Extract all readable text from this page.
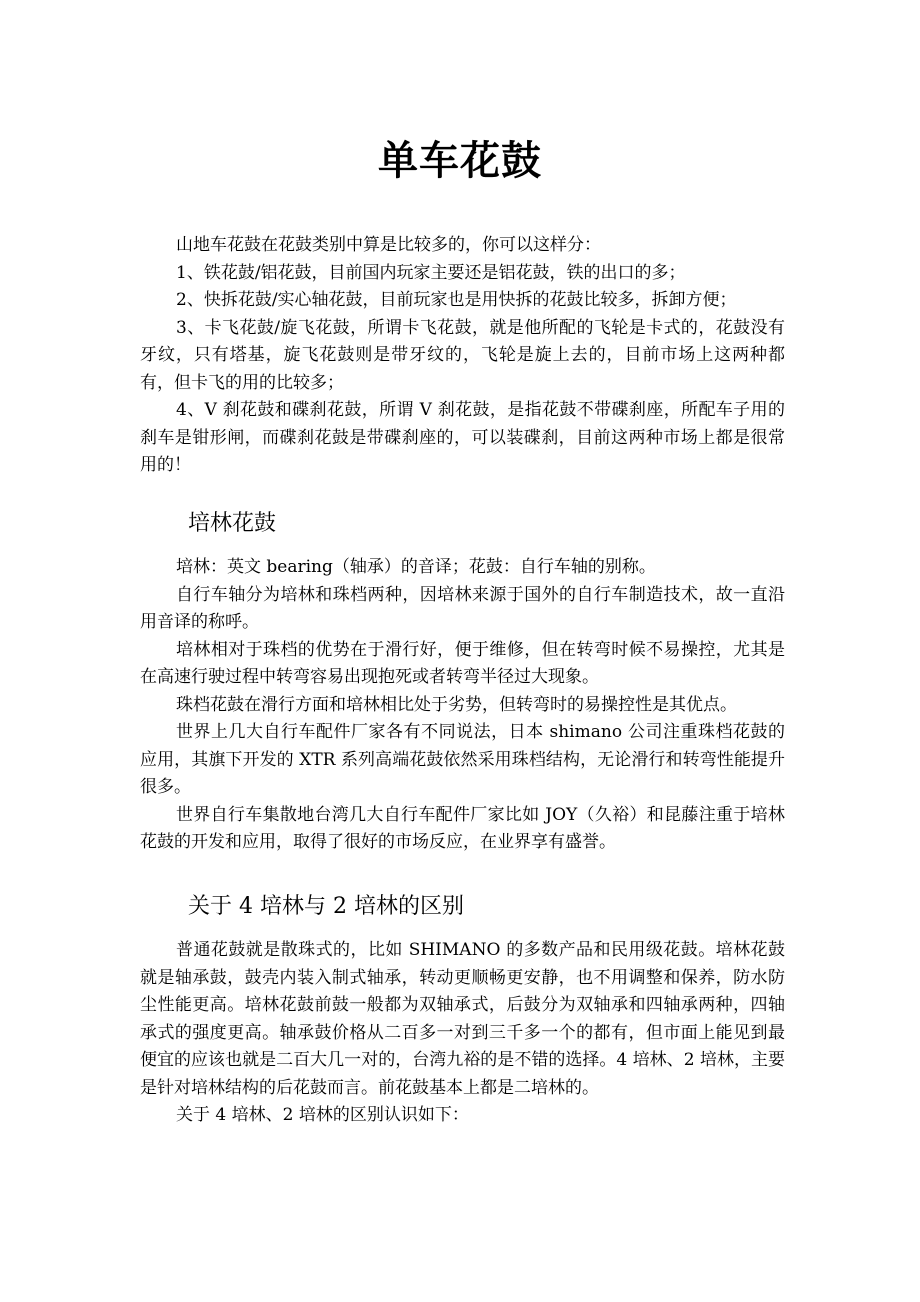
单车花鼓

山地车花鼓在花鼓类别中算是比较多的，你可以这样分：

1、铁花鼓/铝花鼓，目前国内玩家主要还是铝花鼓，铁的出口的多；

2、快拆花鼓/实心轴花鼓，目前玩家也是用快拆的花鼓比较多，拆卸方便；

3、卡飞花鼓/旋飞花鼓，所谓卡飞花鼓，就是他所配的飞轮是卡式的，花鼓没有牙纹，只有塔基，旋飞花鼓则是带牙纹的，飞轮是旋上去的，目前市场上这两种都有，但卡飞的用的比较多；

4、V 刹花鼓和碟刹花鼓，所谓 V 刹花鼓，是指花鼓不带碟刹座，所配车子用的刹车是钳形闸，而碟刹花鼓是带碟刹座的，可以装碟刹，目前这两种市场上都是很常用的！

培林花鼓

培林：英文 bearing（轴承）的音译；花鼓：自行车轴的别称。

自行车轴分为培林和珠档两种，因培林来源于国外的自行车制造技术，故一直沿用音译的称呼。

培林相对于珠档的优势在于滑行好，便于维修，但在转弯时候不易操控，尤其是在高速行驶过程中转弯容易出现抱死或者转弯半径过大现象。

珠档花鼓在滑行方面和培林相比处于劣势，但转弯时的易操控性是其优点。

世界上几大自行车配件厂家各有不同说法，日本 shimano 公司注重珠档花鼓的应用，其旗下开发的 XTR 系列高端花鼓依然采用珠档结构，无论滑行和转弯性能提升很多。

世界自行车集散地台湾几大自行车配件厂家比如 JOY（久裕）和昆藤注重于培林花鼓的开发和应用，取得了很好的市场反应，在业界享有盛誉。

关于 4 培林与 2 培林的区别

普通花鼓就是散珠式的，比如 SHIMANO 的多数产品和民用级花鼓。培林花鼓就是轴承鼓，鼓壳内装入制式轴承，转动更顺畅更安静，也不用调整和保养，防水防尘性能更高。培林花鼓前鼓一般都为双轴承式，后鼓分为双轴承和四轴承两种，四轴承式的强度更高。轴承鼓价格从二百多一对到三千多一个的都有，但市面上能见到最便宜的应该也就是二百大几一对的，台湾九裕的是不错的选择。4 培林、2 培林，主要是针对培林结构的后花鼓而言。前花鼓基本上都是二培林的。

关于 4 培林、2 培林的区别认识如下：
